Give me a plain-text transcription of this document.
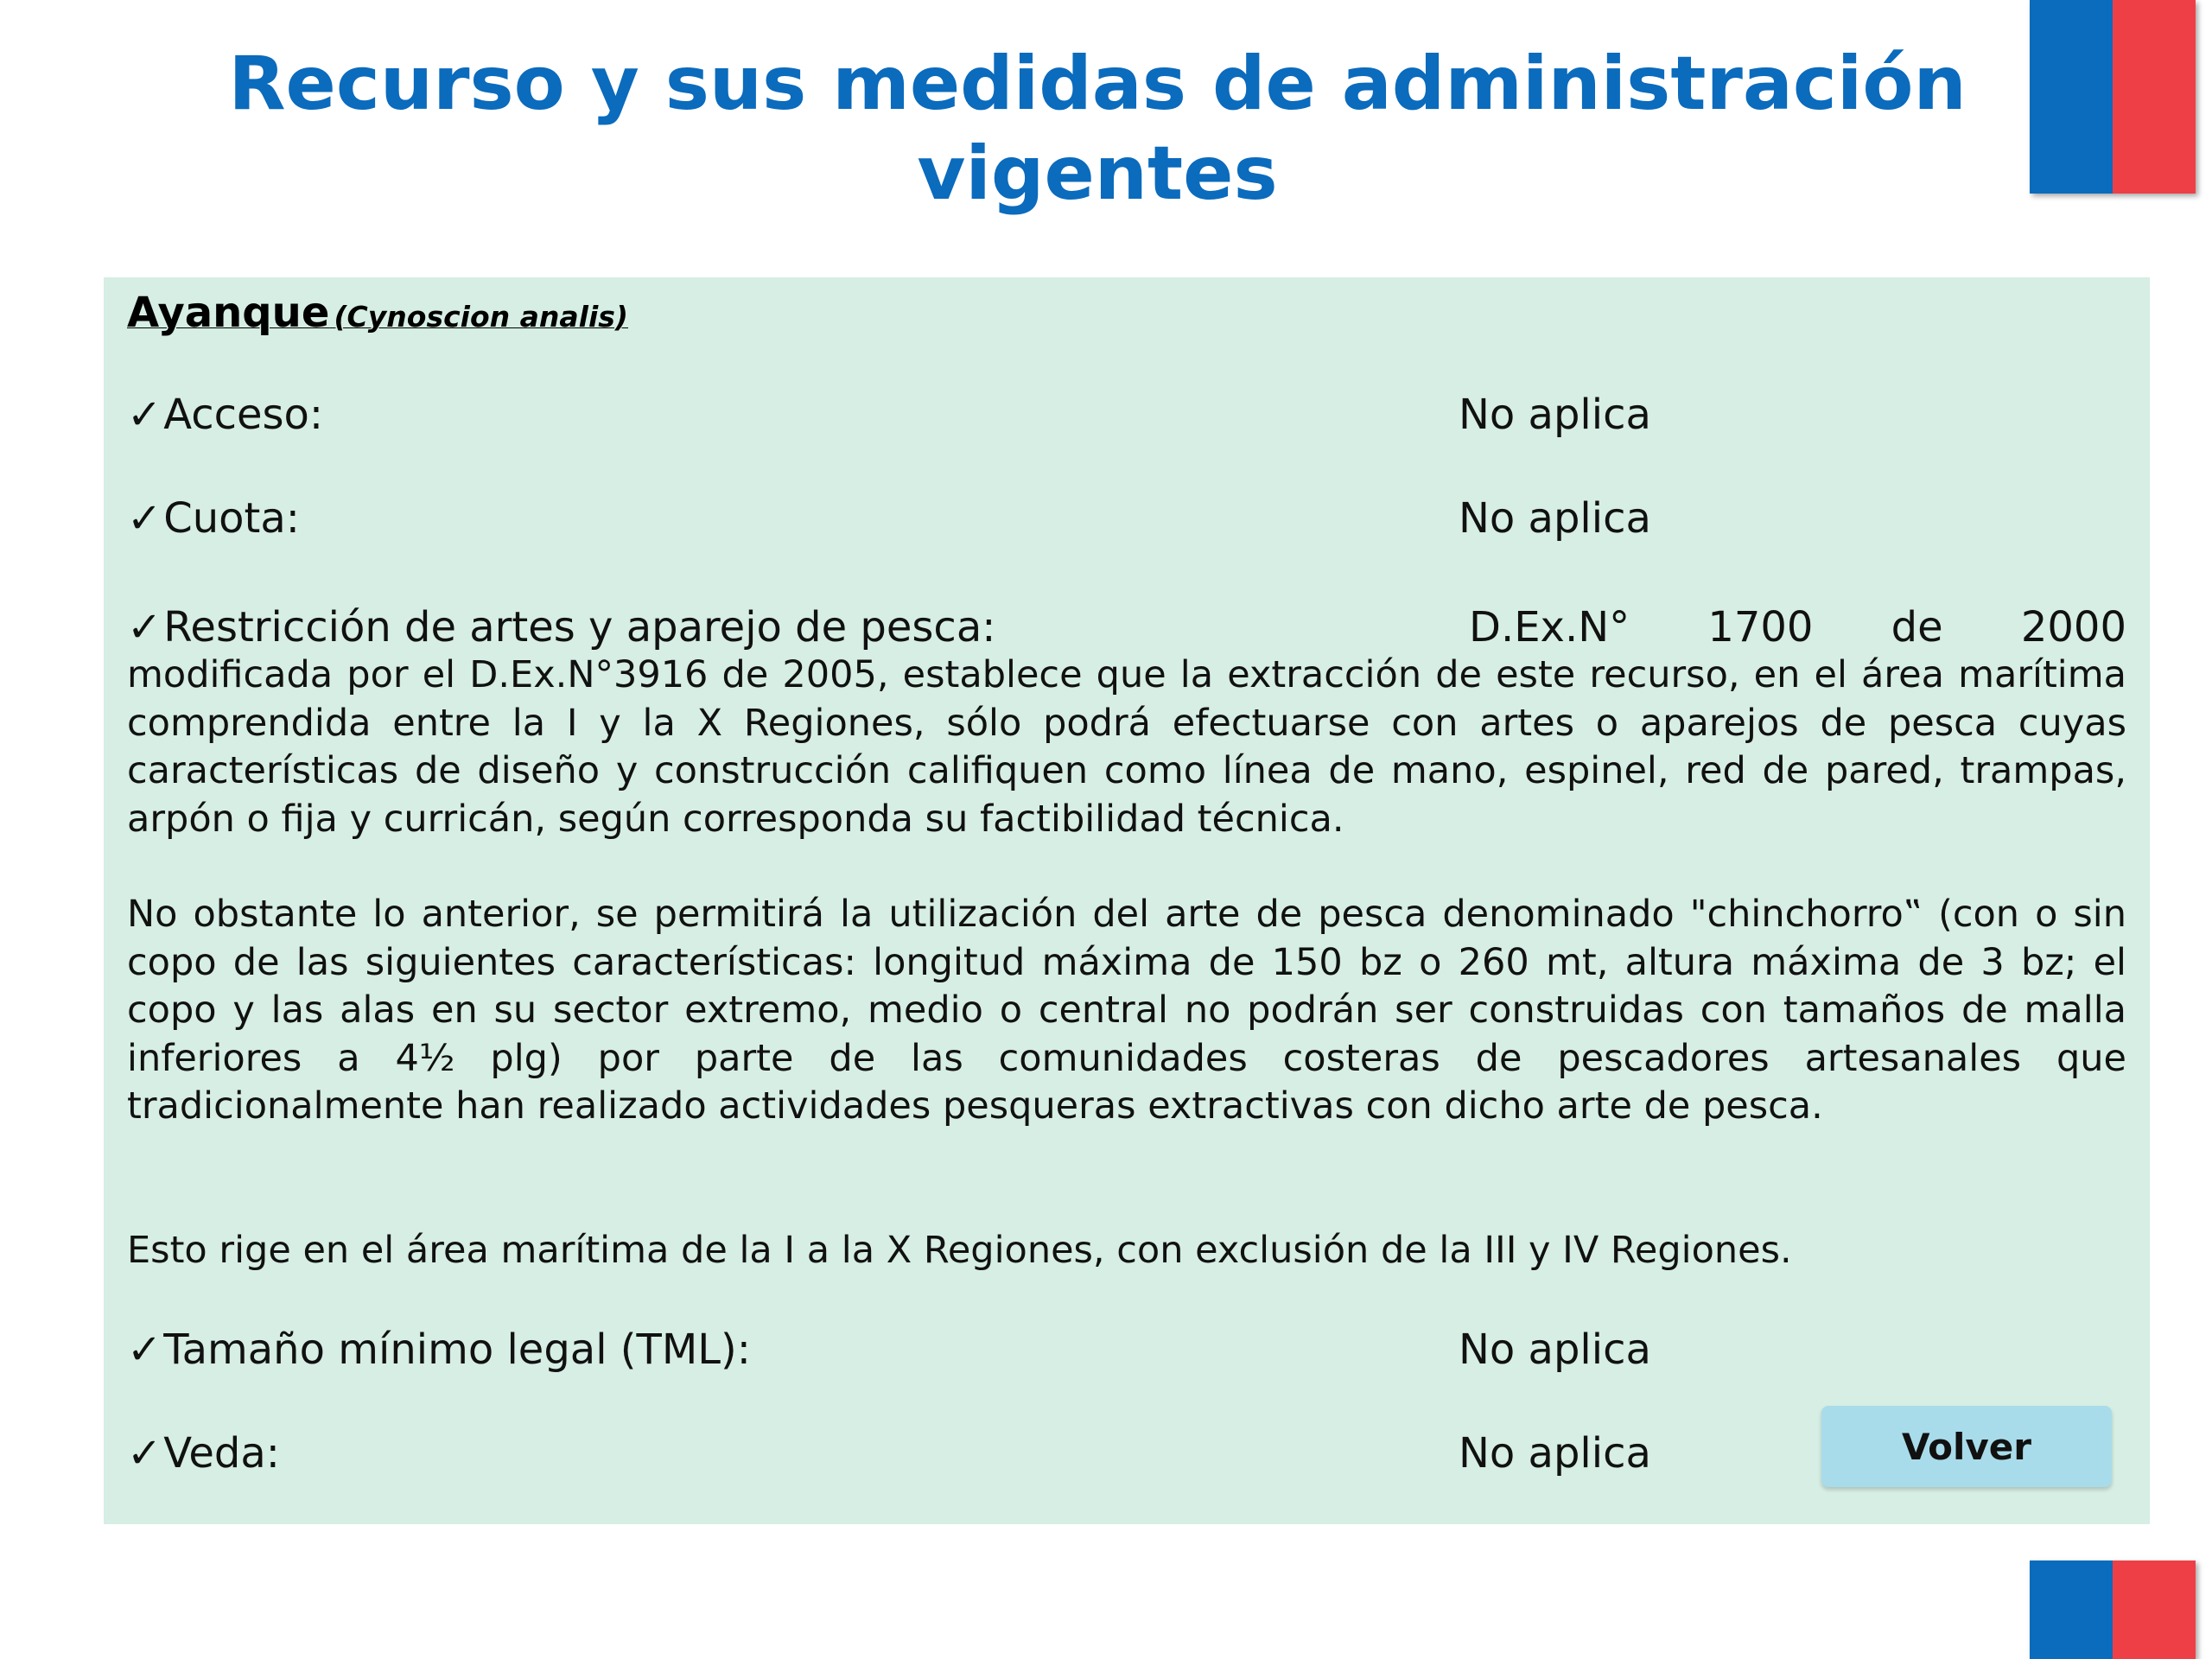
Recurso y sus medidas de administración
vigentes
Ayanque (Cynoscion analis)
✓Acceso:	No aplica
✓Cuota:	No aplica
✓Restricción de artes y aparejo de pesca:	D.Ex.N° 1700 de 2000

modificada por el D.Ex.N°3916 de 2005, establece que la extracción de este recurso, en el área marítima comprendida entre la I y la X Regiones, sólo podrá efectuarse con artes o aparejos de pesca cuyas características de diseño y construcción califiquen como línea de mano, espinel, red de pared, trampas, arpón o fija y curricán, según corresponda su factibilidad técnica.

No obstante lo anterior, se permitirá la utilización del arte de pesca denominado "chinchorro‟ (con o sin copo de las siguientes características: longitud máxima de 150 bz o 260 mt, altura máxima de 3 bz; el copo y las alas en su sector extremo, medio o central no podrán ser construidas con tamaños de malla inferiores a 4½ plg) por parte de las comunidades costeras de pescadores artesanales que tradicionalmente han realizado actividades pesqueras extractivas con dicho arte de pesca.

Esto rige en el área marítima de la I a la X Regiones, con exclusión de la III y IV Regiones.

✓Tamaño mínimo legal (TML):	No aplica
✓Veda:	No aplica	Volver
